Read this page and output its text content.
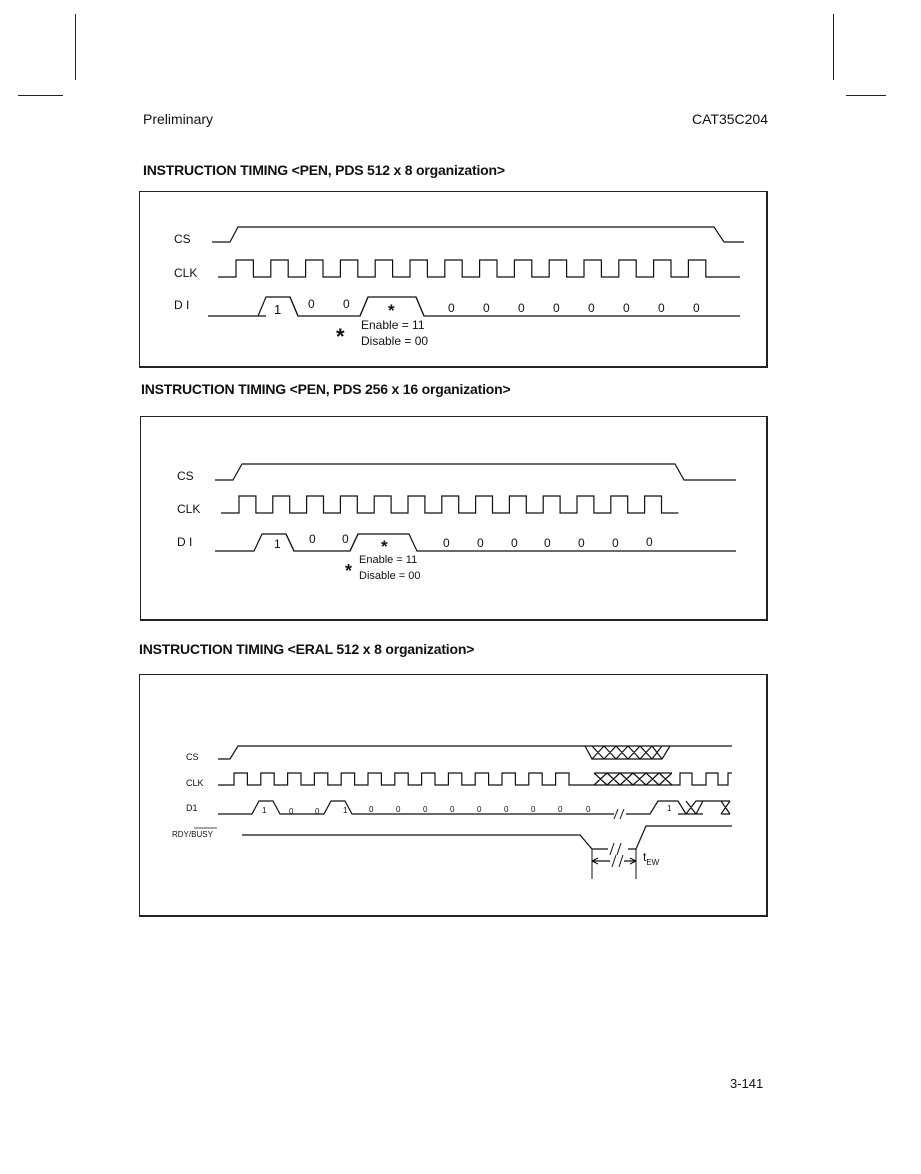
Preliminary	CAT35C204
INSTRUCTION TIMING <PEN, PDS 512 x 8 organization>
CS
CLK
D I	1 0 0 *	0 0 0 0 0 0 0 0
* Enable = 11
Disable = 00
INSTRUCTION TIMING <PEN, PDS 256 x 16 organization>
CS
CLK
D I	1 0 0 *	0 0 0 0 0 0 0
*
Enable = 11
Disable = 00
INSTRUCTION TIMING <ERAL 512 x 8 organization>
CS
CLK
D1
RDY/BUSY
1	0	0	1	0	0	0	0	0	0	0	0	0	1
$t_{EW}$
3-141
